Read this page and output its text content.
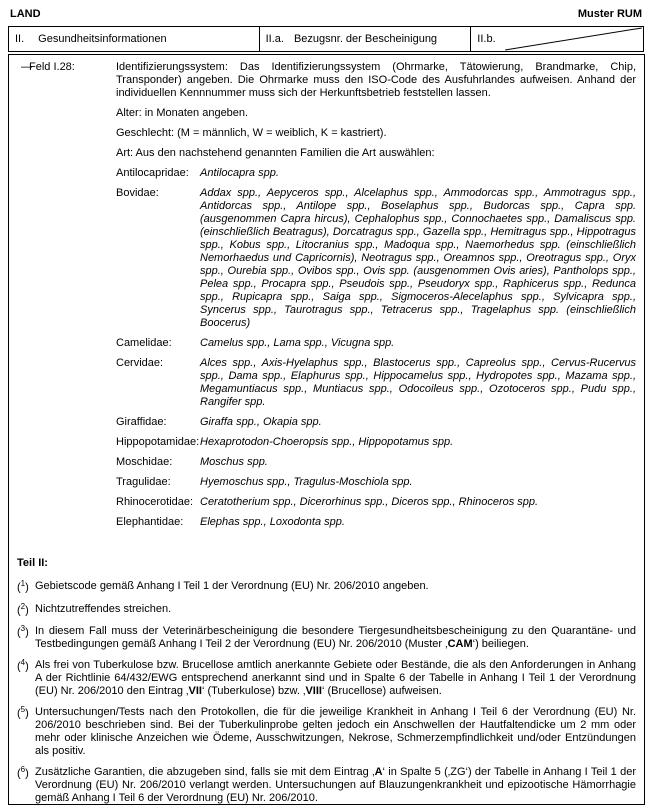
LAND	Muster RUM
II.	Gesundheitsinformationen	II.a. Bezugsnr. der Bescheinigung	II.b.
—
Feld I.28:	Identifizierungssystem: Das Identifizierungssystem (Ohrmarke, Tätowierung, Brandmarke, Chip, Transponder) angeben. Die Ohrmarke muss den ISO-Code des Ausfuhrlandes aufweisen. Anhand der individuellen Kennnummer muss sich der Herkunftsbetrieb feststellen lassen.
Alter: in Monaten angeben.
Geschlecht: (M = männlich, W = weiblich, K = kastriert).
Art: Aus den nachstehend genannten Familien die Art auswählen:
Antilocapridae:	Antilocapra spp.
Bovidae:	Addax spp., Aepyceros spp., Alcelaphus spp., Ammodorcas spp., Ammotragus spp., Antidorcas spp., Antilope spp., Boselaphus spp., Budorcas spp., Capra spp. (ausgenommen Capra hircus), Cephalophus spp., Connochaetes spp., Damaliscus spp. (einschließlich Beatragus), Dorcatragus spp., Gazella spp., Hemitragus spp., Hippotragus spp., Kobus spp., Litocranius spp., Madoqua spp., Naemorhedus spp. (einschließlich Nemorhaedus und Capricornis), Neotragus spp., Oreamnos spp., Oreotragus spp., Oryx spp., Ourebia spp., Ovibos spp., Ovis spp. (ausgenommen Ovis aries), Pantholops spp., Pelea spp., Procapra spp., Pseudois spp., Pseudoryx spp., Raphicerus spp., Redunca spp., Rupicapra spp., Saiga spp., Sigmoceros-Alecelaphus spp., Sylvicapra spp., Syncerus spp., Taurotragus spp., Tetracerus spp., Tragelaphus spp. (einschließlich Boocerus)
Camelidae:	Camelus spp., Lama spp., Vicugna spp.
Cervidae:	Alces spp., Axis-Hyelaphus spp., Blastocerus spp., Capreolus spp., Cervus-Rucervus spp., Dama spp., Elaphurus spp., Hippocamelus spp., Hydropotes spp., Mazama spp., Megamuntiacus spp., Muntiacus spp., Odocoileus spp., Ozotoceros spp., Pudu spp., Rangifer spp.
Giraffidae:	Giraffa spp., Okapia spp.
Hippopotamidae: Hexaprotodon-Choeropsis spp., Hippopotamus spp.
Moschidae:	Moschus spp.
Tragulidae:	Hyemoschus spp., Tragulus-Moschiola spp.
Rhinocerotidae: Ceratotherium spp., Dicerorhinus spp., Diceros spp., Rhinoceros spp.
Elephantidae:	Elephas spp., Loxodonta spp.
Teil II:
($^1$) Gebietscode gemäß Anhang I Teil 1 der Verordnung (EU) Nr. 206/2010 angeben.
($^2$) Nichtzutreffendes streichen.
($^3$) In diesem Fall muss der Veterinärbescheinigung die besondere Tiergesundheitsbescheinigung zu den Quarantäne- und Testbedingungen gemäß Anhang I Teil 2 der Verordnung (EU) Nr. 206/2010 (Muster ‚CAM‘) beiliegen.
($^4$) Als frei von Tuberkulose bzw. Brucellose amtlich anerkannte Gebiete oder Bestände, die als den Anforderungen in Anhang A der Richtlinie 64/432/EWG entsprechend anerkannt sind und in Spalte 6 der Tabelle in Anhang I Teil 1 der Verordnung (EU) Nr. 206/2010 den Eintrag ‚VII‘ (Tuberkulose) bzw. ‚VIII‘ (Brucellose) aufweisen.
($^5$) Untersuchungen/Tests nach den Protokollen, die für die jeweilige Krankheit in Anhang I Teil 6 der Verordnung (EU) Nr. 206/2010 beschrieben sind. Bei der Tuberkulinprobe gelten jedoch ein Anschwellen der Hautfaltendicke um 2 mm oder mehr oder klinische Anzeichen wie Ödeme, Ausschwitzungen, Nekrose, Schmerzempfindlichkeit und/oder Entzündungen als positiv.
($^6$) Zusätzliche Garantien, die abzugeben sind, falls sie mit dem Eintrag ‚A‘ in Spalte 5 (‚ZG‘) der Tabelle in Anhang I Teil 1 der Verordnung (EU) Nr. 206/2010 verlangt werden. Untersuchungen auf Blauzungenkrankheit und epizootische Hämorrhagie gemäß Anhang I Teil 6 der Verordnung (EU) Nr. 206/2010.
